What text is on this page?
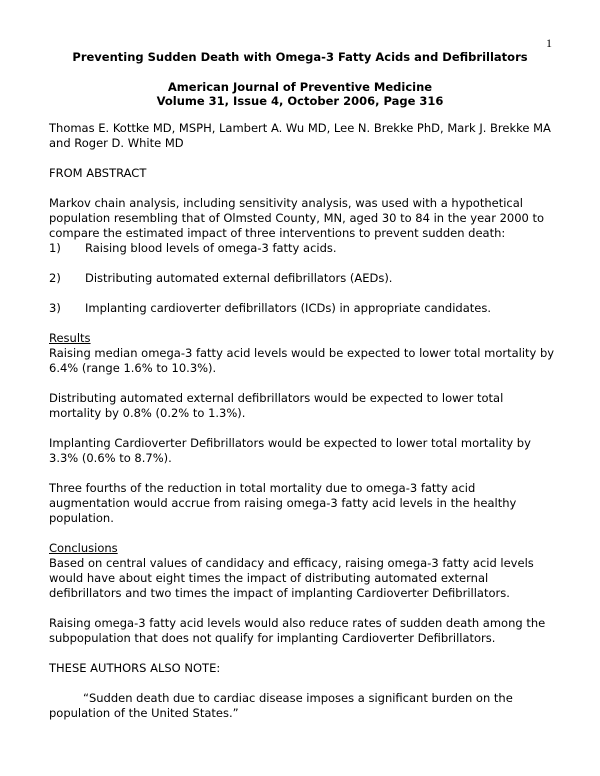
1
Preventing Sudden Death with Omega-3 Fatty Acids and Defibrillators
American Journal of Preventive Medicine
Volume 31, Issue 4, October 2006, Page 316

Thomas E. Kottke MD, MSPH, Lambert A. Wu MD, Lee N. Brekke PhD, Mark J. Brekke MA and Roger D. White MD

FROM ABSTRACT

Markov chain analysis, including sensitivity analysis, was used with a hypothetical population resembling that of Olmsted County, MN, aged 30 to 84 in the year 2000 to compare the estimated impact of three interventions to prevent sudden death:

1)	Raising blood levels of omega-3 fatty acids.
2)	Distributing automated external defibrillators (AEDs).
3)	Implanting cardioverter defibrillators (ICDs) in appropriate candidates.

Results

Raising median omega-3 fatty acid levels would be expected to lower total mortality by 6.4% (range 1.6% to 10.3%).

Distributing automated external defibrillators would be expected to lower total mortality by 0.8% (0.2% to 1.3%).

Implanting Cardioverter Defibrillators would be expected to lower total mortality by 3.3% (0.6% to 8.7%).

Three fourths of the reduction in total mortality due to omega-3 fatty acid augmentation would accrue from raising omega-3 fatty acid levels in the healthy population.

Conclusions

Based on central values of candidacy and efficacy, raising omega-3 fatty acid levels would have about eight times the impact of distributing automated external defibrillators and two times the impact of implanting Cardioverter Defibrillators.

Raising omega-3 fatty acid levels would also reduce rates of sudden death among the subpopulation that does not qualify for implanting Cardioverter Defibrillators.

THESE AUTHORS ALSO NOTE:

“Sudden death due to cardiac disease imposes a significant burden on the population of the United States.”
